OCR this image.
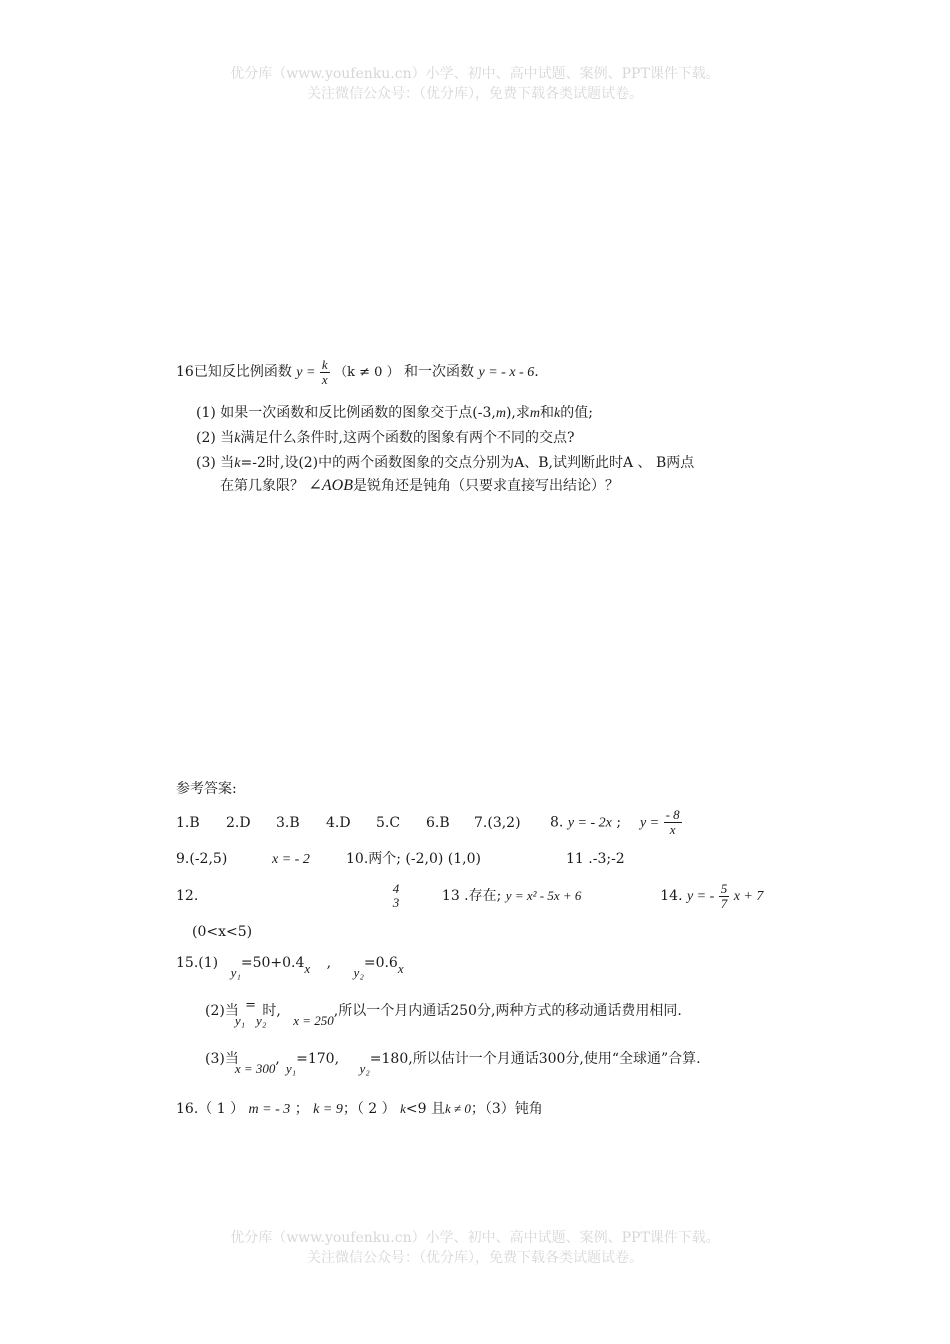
优分库（www.youfenku.cn）小学、初中、高中试题、案例、PPT课件下载。
关注微信公众号：（优分库），免费下载各类试题试卷。
16已知反比例函数 $y = \frac{k}{x} (k \ne 0$ ） 和一次函数 y = - x - 6.
(1) 如果一次函数和反比例函数的图象交于点(-3,m),求m和k的值;
(2) 当k满足什么条件时,这两个函数的图象有两个不同的交点?
(3) 当k=-2时,设(2)中的两个函数图象的交点分别为A、B,试判断此时A 、 B两点
在第几象限？ ∠AOB是锐角还是钝角（只要求直接写出结论）？
参考答案:
1.B 2.D 3.B 4.D 5.C 6.B 7.(3,2) 8. y = - 2x ; $y = \frac{- 8}{x}$
9.(-2,5)	x = - 2	10.两个; (-2,0) (1,0)	11 .-3;-2
12.	4
3	13 .存在; y = x² - 5x + 6	14. y = - $\frac{5}{7}$ x + 7
(0<x<5)
15.(1) y₁=50+0.4x , y₂=0.6x
(2)当y₁=y₂时, x = 250,所以一个月内通话250分,两种方式的移动通话费用相同.
(3)当x = 300,y₁=170, y₂=180,所以估计一个月通话300分,使用“全球通”合算.
16.（ 1 ） m = - 3 ； k = 9；（ 2 ） k<9 且k ≠ 0；（3）钝角
优分库（www.youfenku.cn）小学、初中、高中试题、案例、PPT课件下载。
关注微信公众号：（优分库），免费下载各类试题试卷。
